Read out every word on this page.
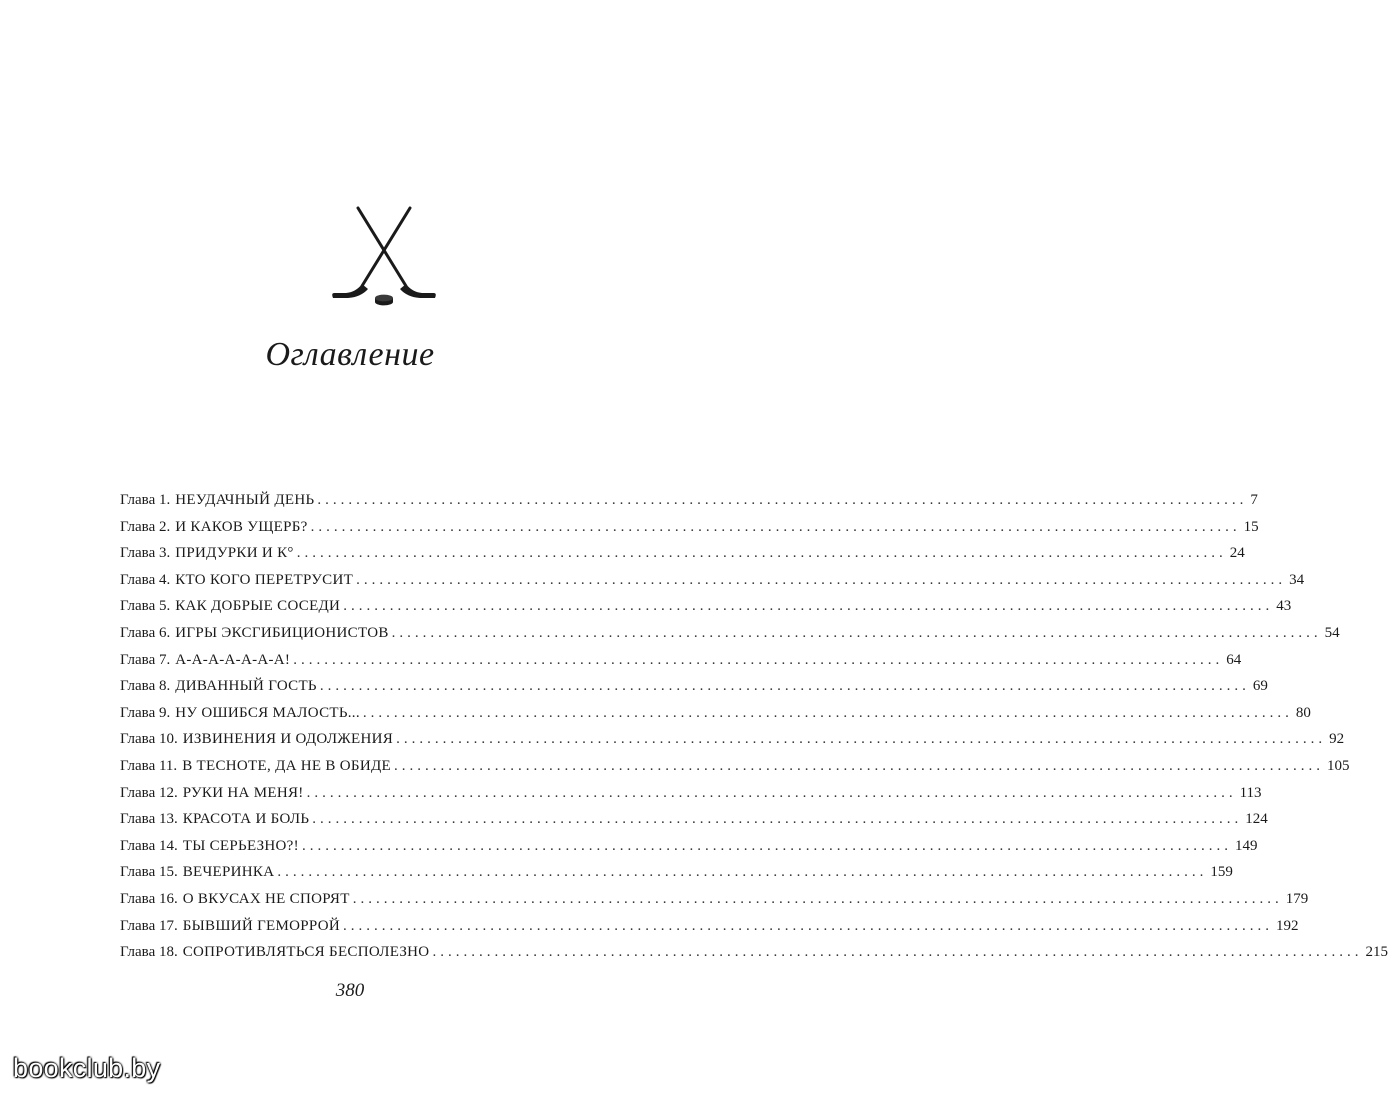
Оглавление
Глава 1. НЕУДАЧНЫЙ ДЕНЬ ........................................................................................................................ 7
Глава 2. И КАКОВ УЩЕРБ? ........................................................................................................................ 15
Глава 3. ПРИДУРКИ И К° ........................................................................................................................ 24
Глава 4. КТО КОГО ПЕРЕТРУСИТ ........................................................................................................................ 34
Глава 5. КАК ДОБРЫЕ СОСЕДИ ........................................................................................................................ 43
Глава 6. ИГРЫ ЭКСГИБИЦИОНИСТОВ ........................................................................................................................ 54
Глава 7. А-А-А-А-А-А-А! ........................................................................................................................ 64
Глава 8. ДИВАННЫЙ ГОСТЬ ........................................................................................................................ 69
Глава 9. НУ ОШИБСЯ МАЛОСТЬ... ........................................................................................................................ 80
Глава 10. ИЗВИНЕНИЯ И ОДОЛЖЕНИЯ ........................................................................................................................ 92
Глава 11. В ТЕСНОТЕ, ДА НЕ В ОБИДЕ ........................................................................................................................ 105
Глава 12. РУКИ НА МЕНЯ! ........................................................................................................................ 113
Глава 13. КРАСОТА И БОЛЬ ........................................................................................................................ 124
Глава 14. ТЫ СЕРЬЕЗНО?! ........................................................................................................................ 149
Глава 15. ВЕЧЕРИНКА ........................................................................................................................ 159
Глава 16. О ВКУСАХ НЕ СПОРЯТ ........................................................................................................................ 179
Глава 17. БЫВШИЙ ГЕМОРРОЙ ........................................................................................................................ 192
Глава 18. СОПРОТИВЛЯТЬСЯ БЕСПОЛЕЗНО ........................................................................................................................ 215
380
bookclub.by
